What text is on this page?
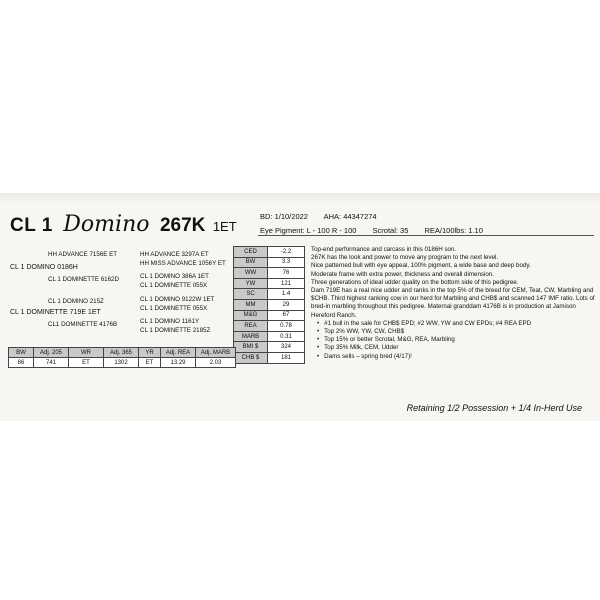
CL 1 Domino 267K 1ET
BD: 1/10/2022 AHA: 44347274
Eye Pigment: L - 100 R - 100 Scrotal: 35 REA/100lbs: 1.10
HH ADVANCE 7156E ET
CL 1 DOMINO 0186H
CL 1 DOMINETTE 6162D
CL 1 DOMINO 215Z
CL 1 DOMINETTE 719E 1ET
CL1 DOMINETTE 4176B
HH ADVANCE 3297A ET
HH MISS ADVANCE 1056Y ET
CL 1 DOMINO 386A 1ET
CL 1 DOMINETTE 055X
CL 1 DOMINO 9122W 1ET
CL 1 DOMINETTE 055X
CL 1 DOMINO 1161Y
CL 1 DOMINETTE 2185Z
CED	-2.2
BW	3.3
WW	76
YW	121
SC	1.4
MM	29
M&G	67
REA	0.78
MARB	0.31
BMI $	324
CHB $	181
BW	Adj. 205	WR	Adj. 365	YR	Adj. REA	Adj. MARB
86	741	ET	1302	ET	13.29	2.03

Top-end performance and carcass in this 0186H son.

267K has the look and power to move any program to the next level.

Nice patterned bull with eye appeal, 100% pigment, a wide base and deep body.

Moderate frame with extra power, thickness and overall dimension.

Three generations of ideal udder quality on the bottom side of this pedigree.

Dam 719E has a real nice udder and ranks in the top 5% of the breed for CEM, Teat, CW, Marbling and $CHB. Third highest ranking cow in our herd for Marbling and CHB$ and scanned 147 IMF ratio. Lots of bred-in marbling throughout this pedigree. Maternal granddam 4176B is in production at Jamison Hereford Ranch.

• #1 bull in the sale for CHB$ EPD; #2 WW, YW and CW EPDs; #4 REA EPD
• Top 2% WW, YW, CW, CHB$
• Top 15% or better Scrotal, M&G, REA, Marbling
• Top 35% Milk, CEM, Udder
• Dams sells – spring bred (4/17)!
Retaining 1/2 Possession + 1/4 In-Herd Use
